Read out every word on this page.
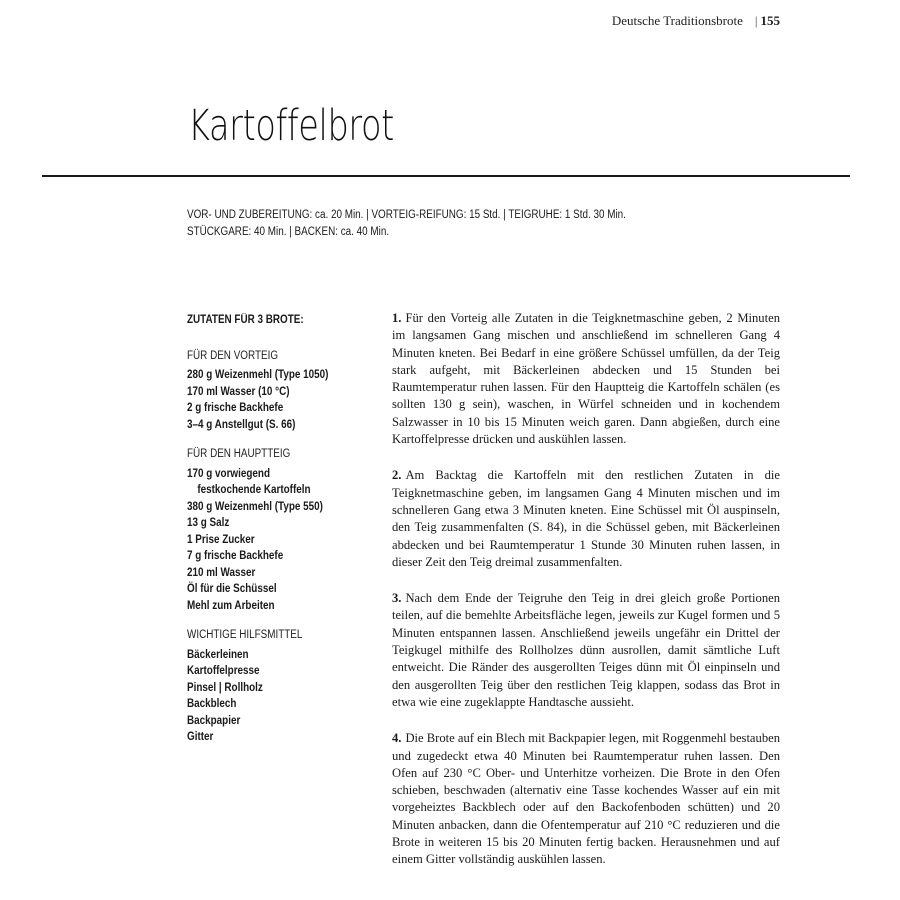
Deutsche Traditionsbrote | 155
Kartoffelbrot
VOR- UND ZUBEREITUNG: ca. 20 Min. | VORTEIG-REIFUNG: 15 Std. | TEIGRUHE: 1 Std. 30 Min.
STÜCKGARE: 40 Min. | BACKEN: ca. 40 Min.
ZUTATEN FÜR 3 BROTE:
FÜR DEN VORTEIG
280 g Weizenmehl (Type 1050)
170 ml Wasser (10 °C)
2 g frische Backhefe
3–4 g Anstellgut (S. 66)
FÜR DEN HAUPTTEIG
170 g vorwiegend
festkochende Kartoffeln
380 g Weizenmehl (Type 550)
13 g Salz
1 Prise Zucker
7 g frische Backhefe
210 ml Wasser
Öl für die Schüssel
Mehl zum Arbeiten
WICHTIGE HILFSMITTEL
Bäckerleinen
Kartoffelpresse
Pinsel | Rollholz
Backblech
Backpapier
Gitter

1. Für den Vorteig alle Zutaten in die Teigknetmaschine geben, 2 Minuten im langsamen Gang mischen und anschließend im schnelleren Gang 4 Minuten kneten. Bei Bedarf in eine größere Schüssel umfüllen, da der Teig stark aufgeht, mit Bäckerleinen abdecken und 15 Stunden bei Raumtemperatur ruhen lassen. Für den Hauptteig die Kartoffeln schälen (es sollten 130 g sein), waschen, in Würfel schneiden und in kochendem Salzwasser in 10 bis 15 Minuten weich garen. Dann abgießen, durch eine Kartoffelpresse drücken und auskühlen lassen.

2. Am Backtag die Kartoffeln mit den restlichen Zutaten in die Teigknetmaschine geben, im langsamen Gang 4 Minuten mischen und im schnelleren Gang etwa 3 Minuten kneten. Eine Schüssel mit Öl auspinseln, den Teig zusammenfalten (S. 84), in die Schüssel geben, mit Bäckerleinen abdecken und bei Raumtemperatur 1 Stunde 30 Minuten ruhen lassen, in dieser Zeit den Teig dreimal zusammenfalten.

3. Nach dem Ende der Teigruhe den Teig in drei gleich große Portionen teilen, auf die bemehlte Arbeitsfläche legen, jeweils zur Kugel formen und 5 Minuten entspannen lassen. Anschließend jeweils ungefähr ein Drittel der Teigkugel mithilfe des Rollholzes dünn ausrollen, damit sämtliche Luft entweicht. Die Ränder des ausgerollten Teiges dünn mit Öl einpinseln und den ausgerollten Teig über den restlichen Teig klappen, sodass das Brot in etwa wie eine zugeklappte Handtasche aussieht.

4. Die Brote auf ein Blech mit Backpapier legen, mit Roggenmehl bestauben und zugedeckt etwa 40 Minuten bei Raumtemperatur ruhen lassen. Den Ofen auf 230 °C Ober- und Unterhitze vorheizen. Die Brote in den Ofen schieben, beschwaden (alternativ eine Tasse kochendes Wasser auf ein mit vorgeheiztes Backblech oder auf den Backofenboden schütten) und 20 Minuten anbacken, dann die Ofentemperatur auf 210 °C reduzieren und die Brote in weiteren 15 bis 20 Minuten fertig backen. Herausnehmen und auf einem Gitter vollständig auskühlen lassen.
